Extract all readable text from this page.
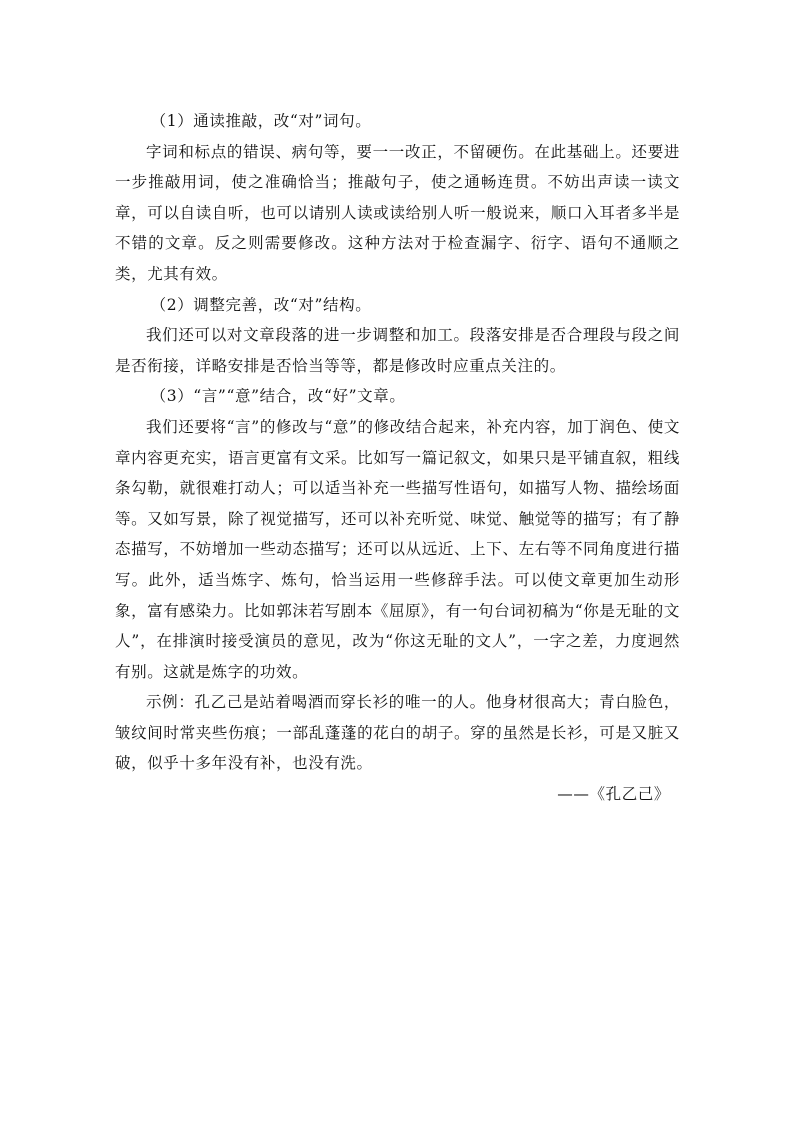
（1）通读推敲，改“对”词句。

字词和标点的错误、病句等，要一一改正，不留硬伤。在此基础上。还要进一步推敲用词，使之准确恰当；推敲句子，使之通畅连贯。不妨出声读一读文章，可以自读自听，也可以请别人读或读给别人听一般说来，顺口入耳者多半是不错的文章。反之则需要修改。这种方法对于检查漏字、衍字、语句不通顺之类，尤其有效。

（2）调整完善，改“对”结构。

我们还可以对文章段落的进一步调整和加工。段落安排是否合理段与段之间是否衔接，详略安排是否恰当等等，都是修改时应重点关注的。

（3）“言”“意”结合，改“好”文章。

我们还要将“言”的修改与“意”的修改结合起来，补充内容，加丁润色、使文章内容更充实，语言更富有文采。比如写一篇记叙文，如果只是平铺直叙，粗线条勾勒，就很难打动人；可以适当补充一些描写性语句，如描写人物、描绘场面等。又如写景，除了视觉描写，还可以补充听觉、味觉、触觉等的描写；有了静态描写，不妨增加一些动态描写；还可以从远近、上下、左右等不同角度进行描写。此外，适当炼字、炼句，恰当运用一些修辞手法。可以使文章更加生动形象，富有感染力。比如郭沫若写剧本《屈原》，有一句台词初稿为“你是无耻的文人”，在排演时接受演员的意见，改为“你这无耻的文人”，一字之差，力度迥然有别。这就是炼字的功效。

示例：孔乙己是站着喝酒而穿长衫的唯一的人。他身材很高大；青白脸色，皱纹间时常夹些伤痕；一部乱蓬蓬的花白的胡子。穿的虽然是长衫，可是又脏又破，似乎十多年没有补，也没有洗。

——《孔乙己》
